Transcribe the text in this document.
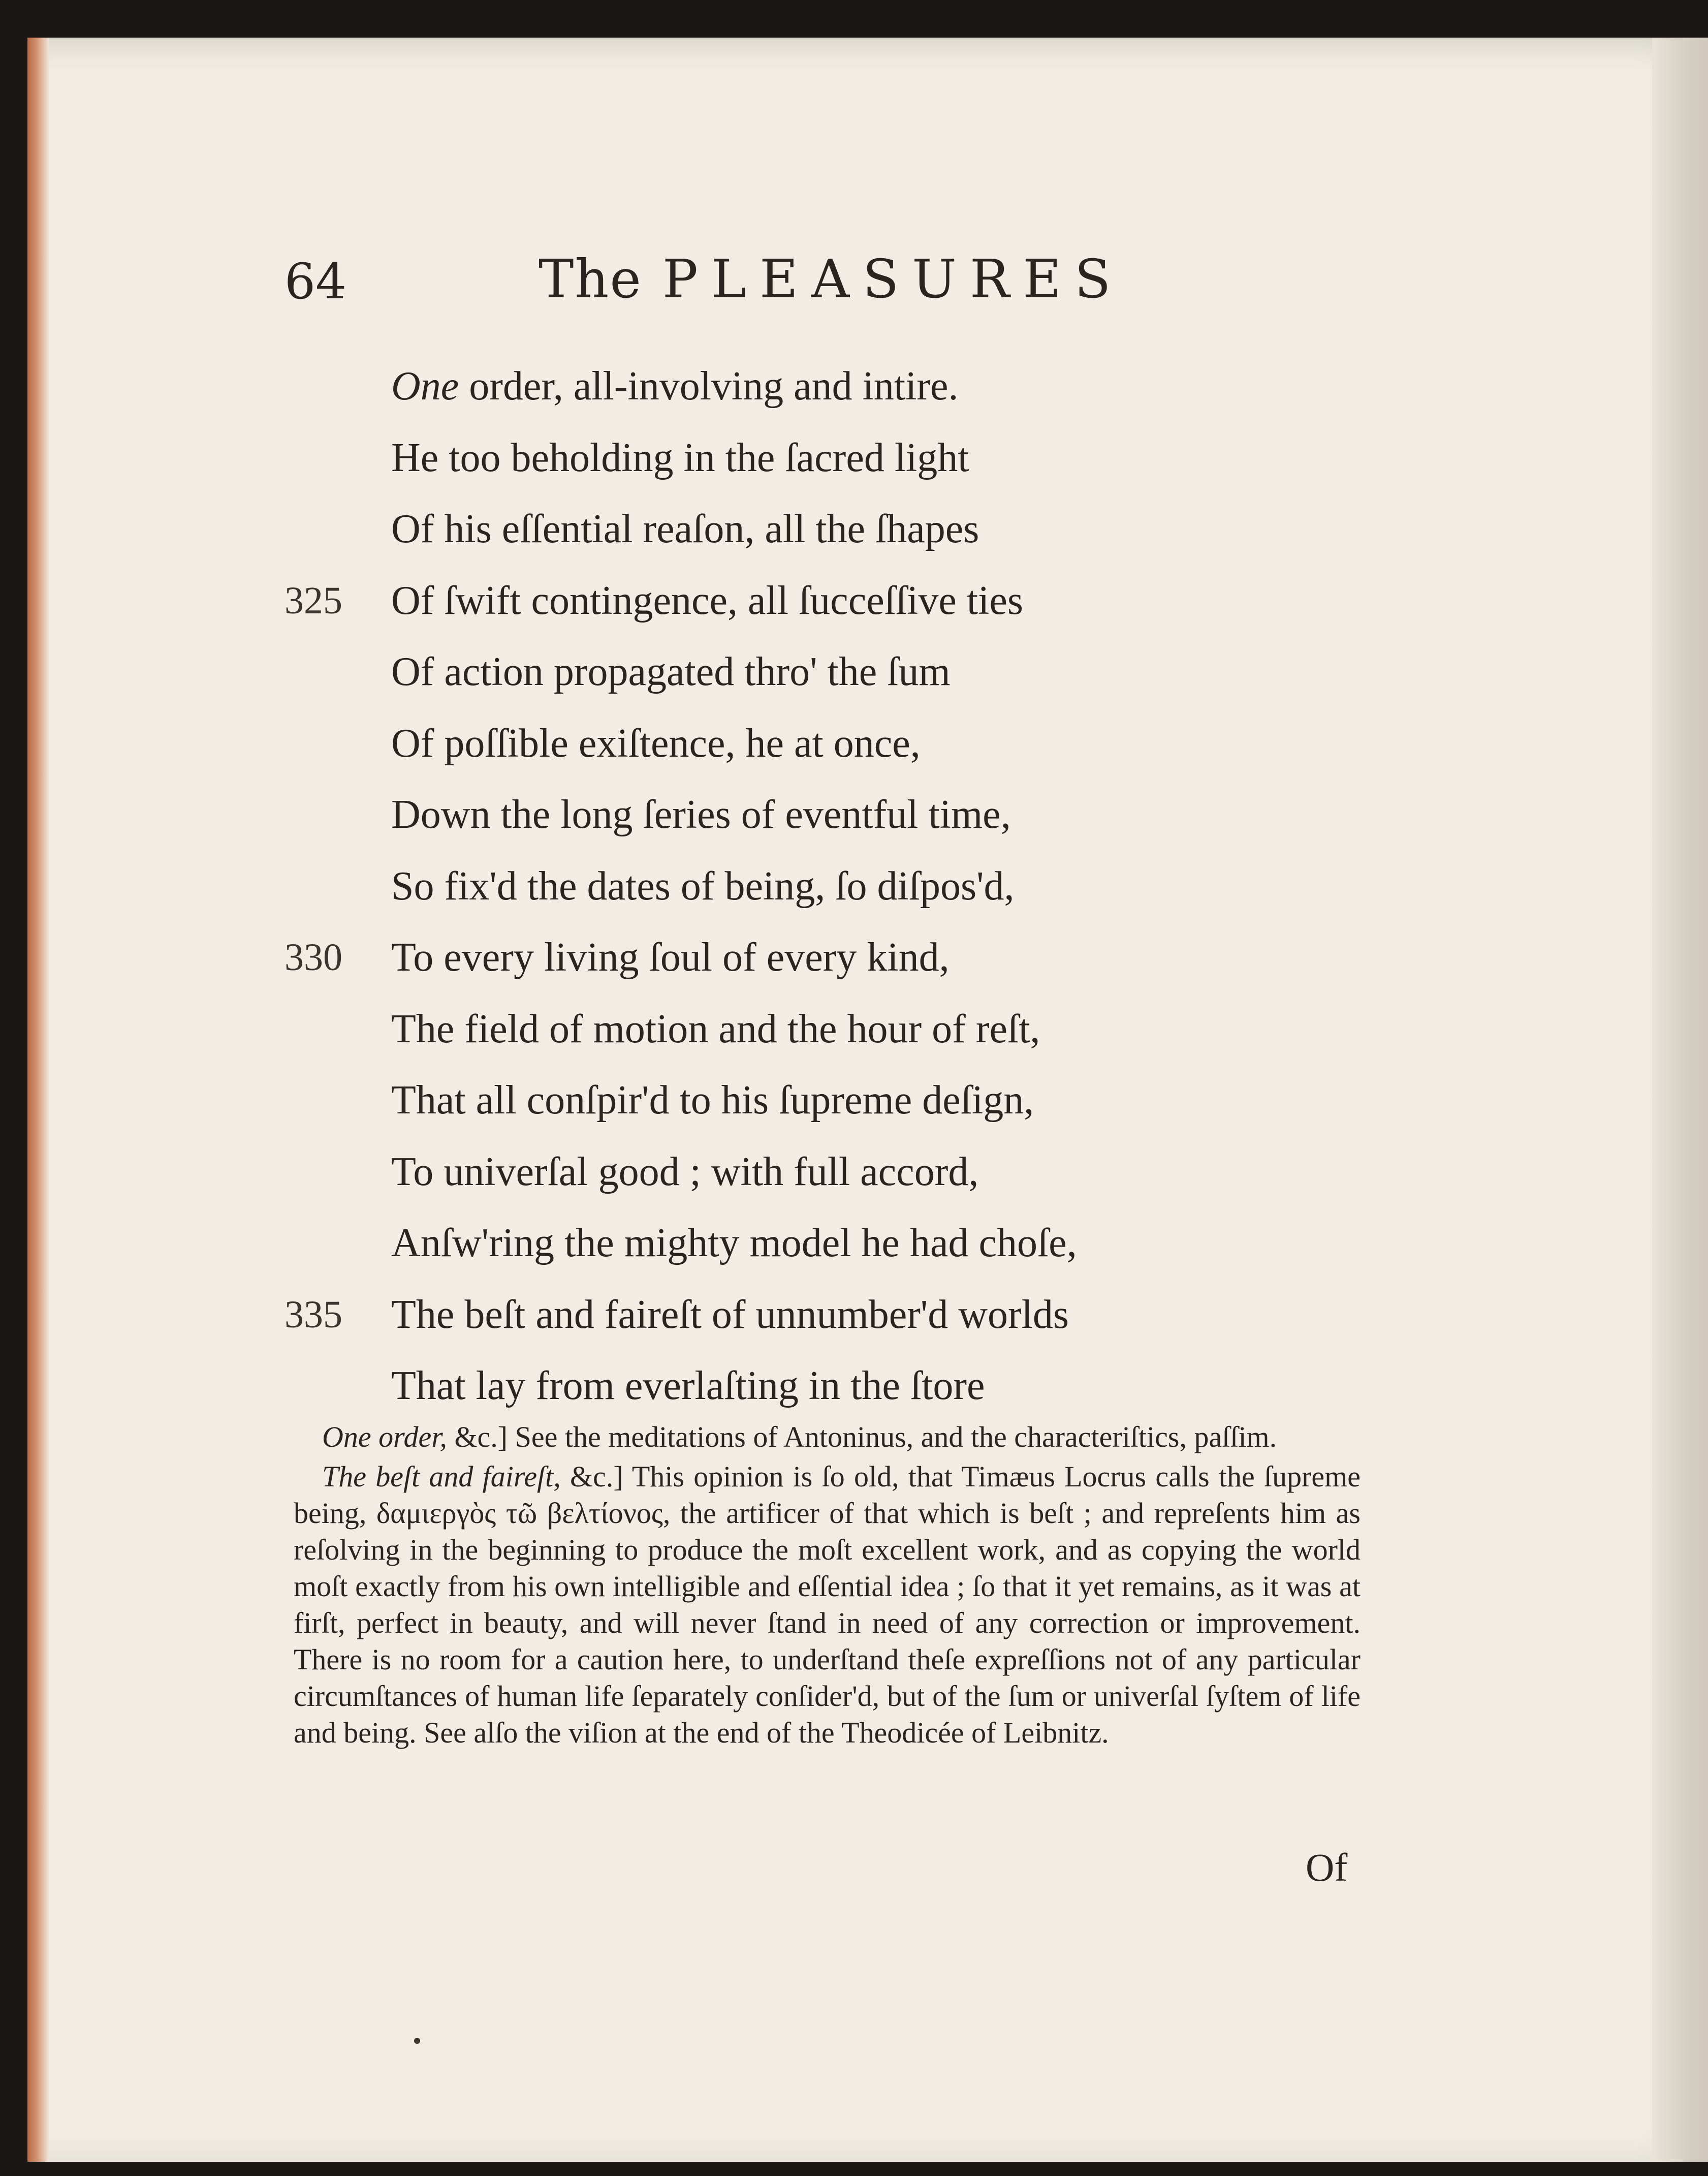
64	The PLEASURES
One order, all-involving and intire.
He too beholding in the ſacred light
Of his eſſential reaſon, all the ſhapes
325 Of ſwift contingence, all ſucceſſive ties
Of action propagated thro' the ſum
Of poſſible exiſtence, he at once,
Down the long ſeries of eventful time,
So fix'd the dates of being, ſo diſpos'd,
330 To every living ſoul of every kind,
The field of motion and the hour of reſt,
That all conſpir'd to his ſupreme deſign,
To univerſal good ; with full accord,
Anſw'ring the mighty model he had choſe,
335 The beſt and faireſt of unnumber'd worlds
That lay from everlaſting in the ſtore

One order, &c.] See the meditations of Antoninus, and the characteriſtics, paſſim.

The beſt and faireſt, &c.] This opinion is ſo old, that Timæus Locrus calls the ſupreme being, δαμιεργὸς τῶ βελτίονος, the artificer of that which is beſt ; and repreſents him as reſolving in the beginning to produce the moſt excellent work, and as copying the world moſt exactly from his own intelligible and eſſential idea ; ſo that it yet remains, as it was at firſt, perfect in beauty, and will never ſtand in need of any correction or improvement. There is no room for a caution here, to underſtand theſe expreſſions not of any particular circumſtances of human life ſeparately conſider'd, but of the ſum or univerſal ſyſtem of life and being. See alſo the viſion at the end of the Theodicée of Leibnitz.

Of
